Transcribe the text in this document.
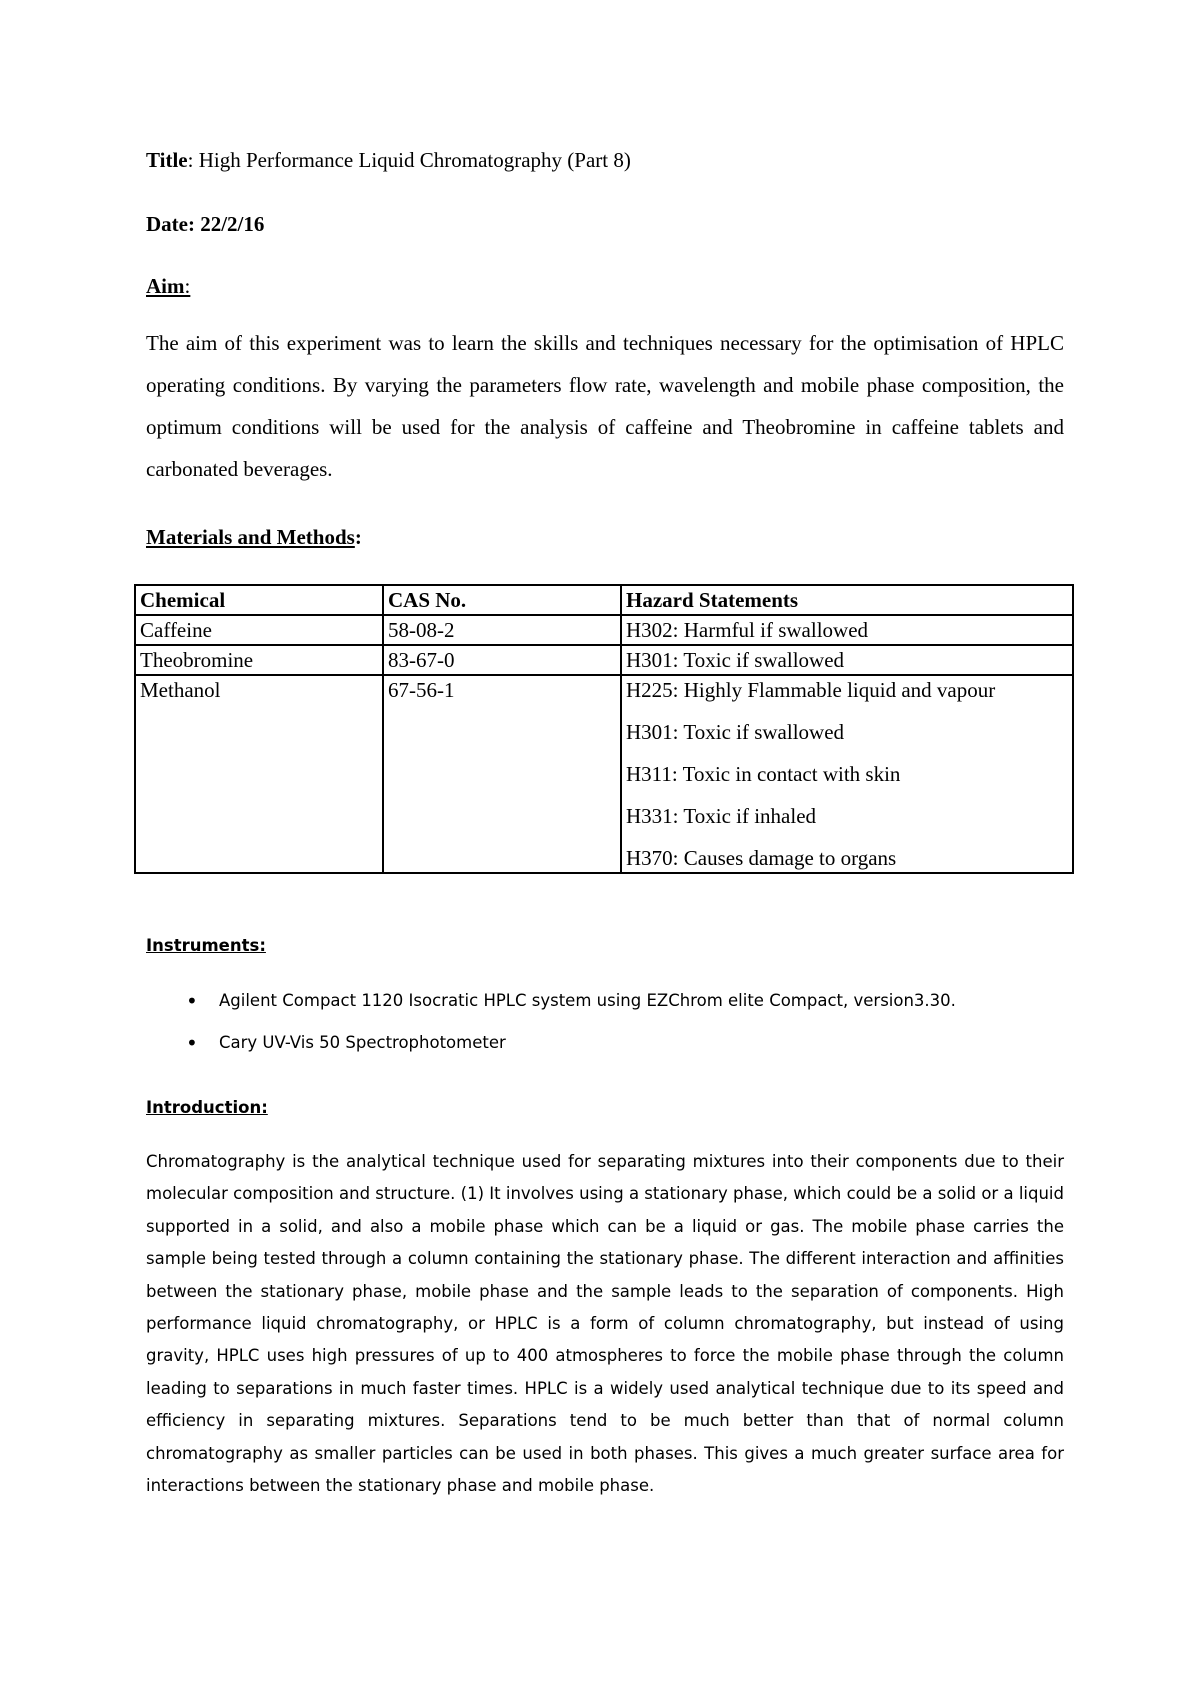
Title: High Performance Liquid Chromatography (Part 8)
Date: 22/2/16
Aim:
The aim of this experiment was to learn the skills and techniques necessary for the optimisation of HPLC operating conditions. By varying the parameters flow rate, wavelength and mobile phase composition, the optimum conditions will be used for the analysis of caffeine and Theobromine in caffeine tablets and carbonated beverages.
Materials and Methods:
Chemical	CAS No.	Hazard Statements
Caffeine	58-08-2	H302: Harmful if swallowed

Theobromine	83-67-0	H301: Toxic if swallowed

Methanol	67-56-1	H225: Highly Flammable liquid and vapour
H301: Toxic if swallowed
H311: Toxic in contact with skin
H331: Toxic if inhaled
H370: Causes damage to organs
Instruments:
• Agilent Compact 1120 Isocratic HPLC system using EZChrom elite Compact, version3.30.
• Cary UV-Vis 50 Spectrophotometer
Introduction:
Chromatography is the analytical technique used for separating mixtures into their components due to their molecular composition and structure. (1) It involves using a stationary phase, which could be a solid or a liquid supported in a solid, and also a mobile phase which can be a liquid or gas. The mobile phase carries the sample being tested through a column containing the stationary phase. The different interaction and affinities between the stationary phase, mobile phase and the sample leads to the separation of components. High performance liquid chromatography, or HPLC is a form of column chromatography, but instead of using gravity, HPLC uses high pressures of up to 400 atmospheres to force the mobile phase through the column leading to separations in much faster times. HPLC is a widely used analytical technique due to its speed and efficiency in separating mixtures. Separations tend to be much better than that of normal column chromatography as smaller particles can be used in both phases. This gives a much greater surface area for interactions between the stationary phase and mobile phase.
